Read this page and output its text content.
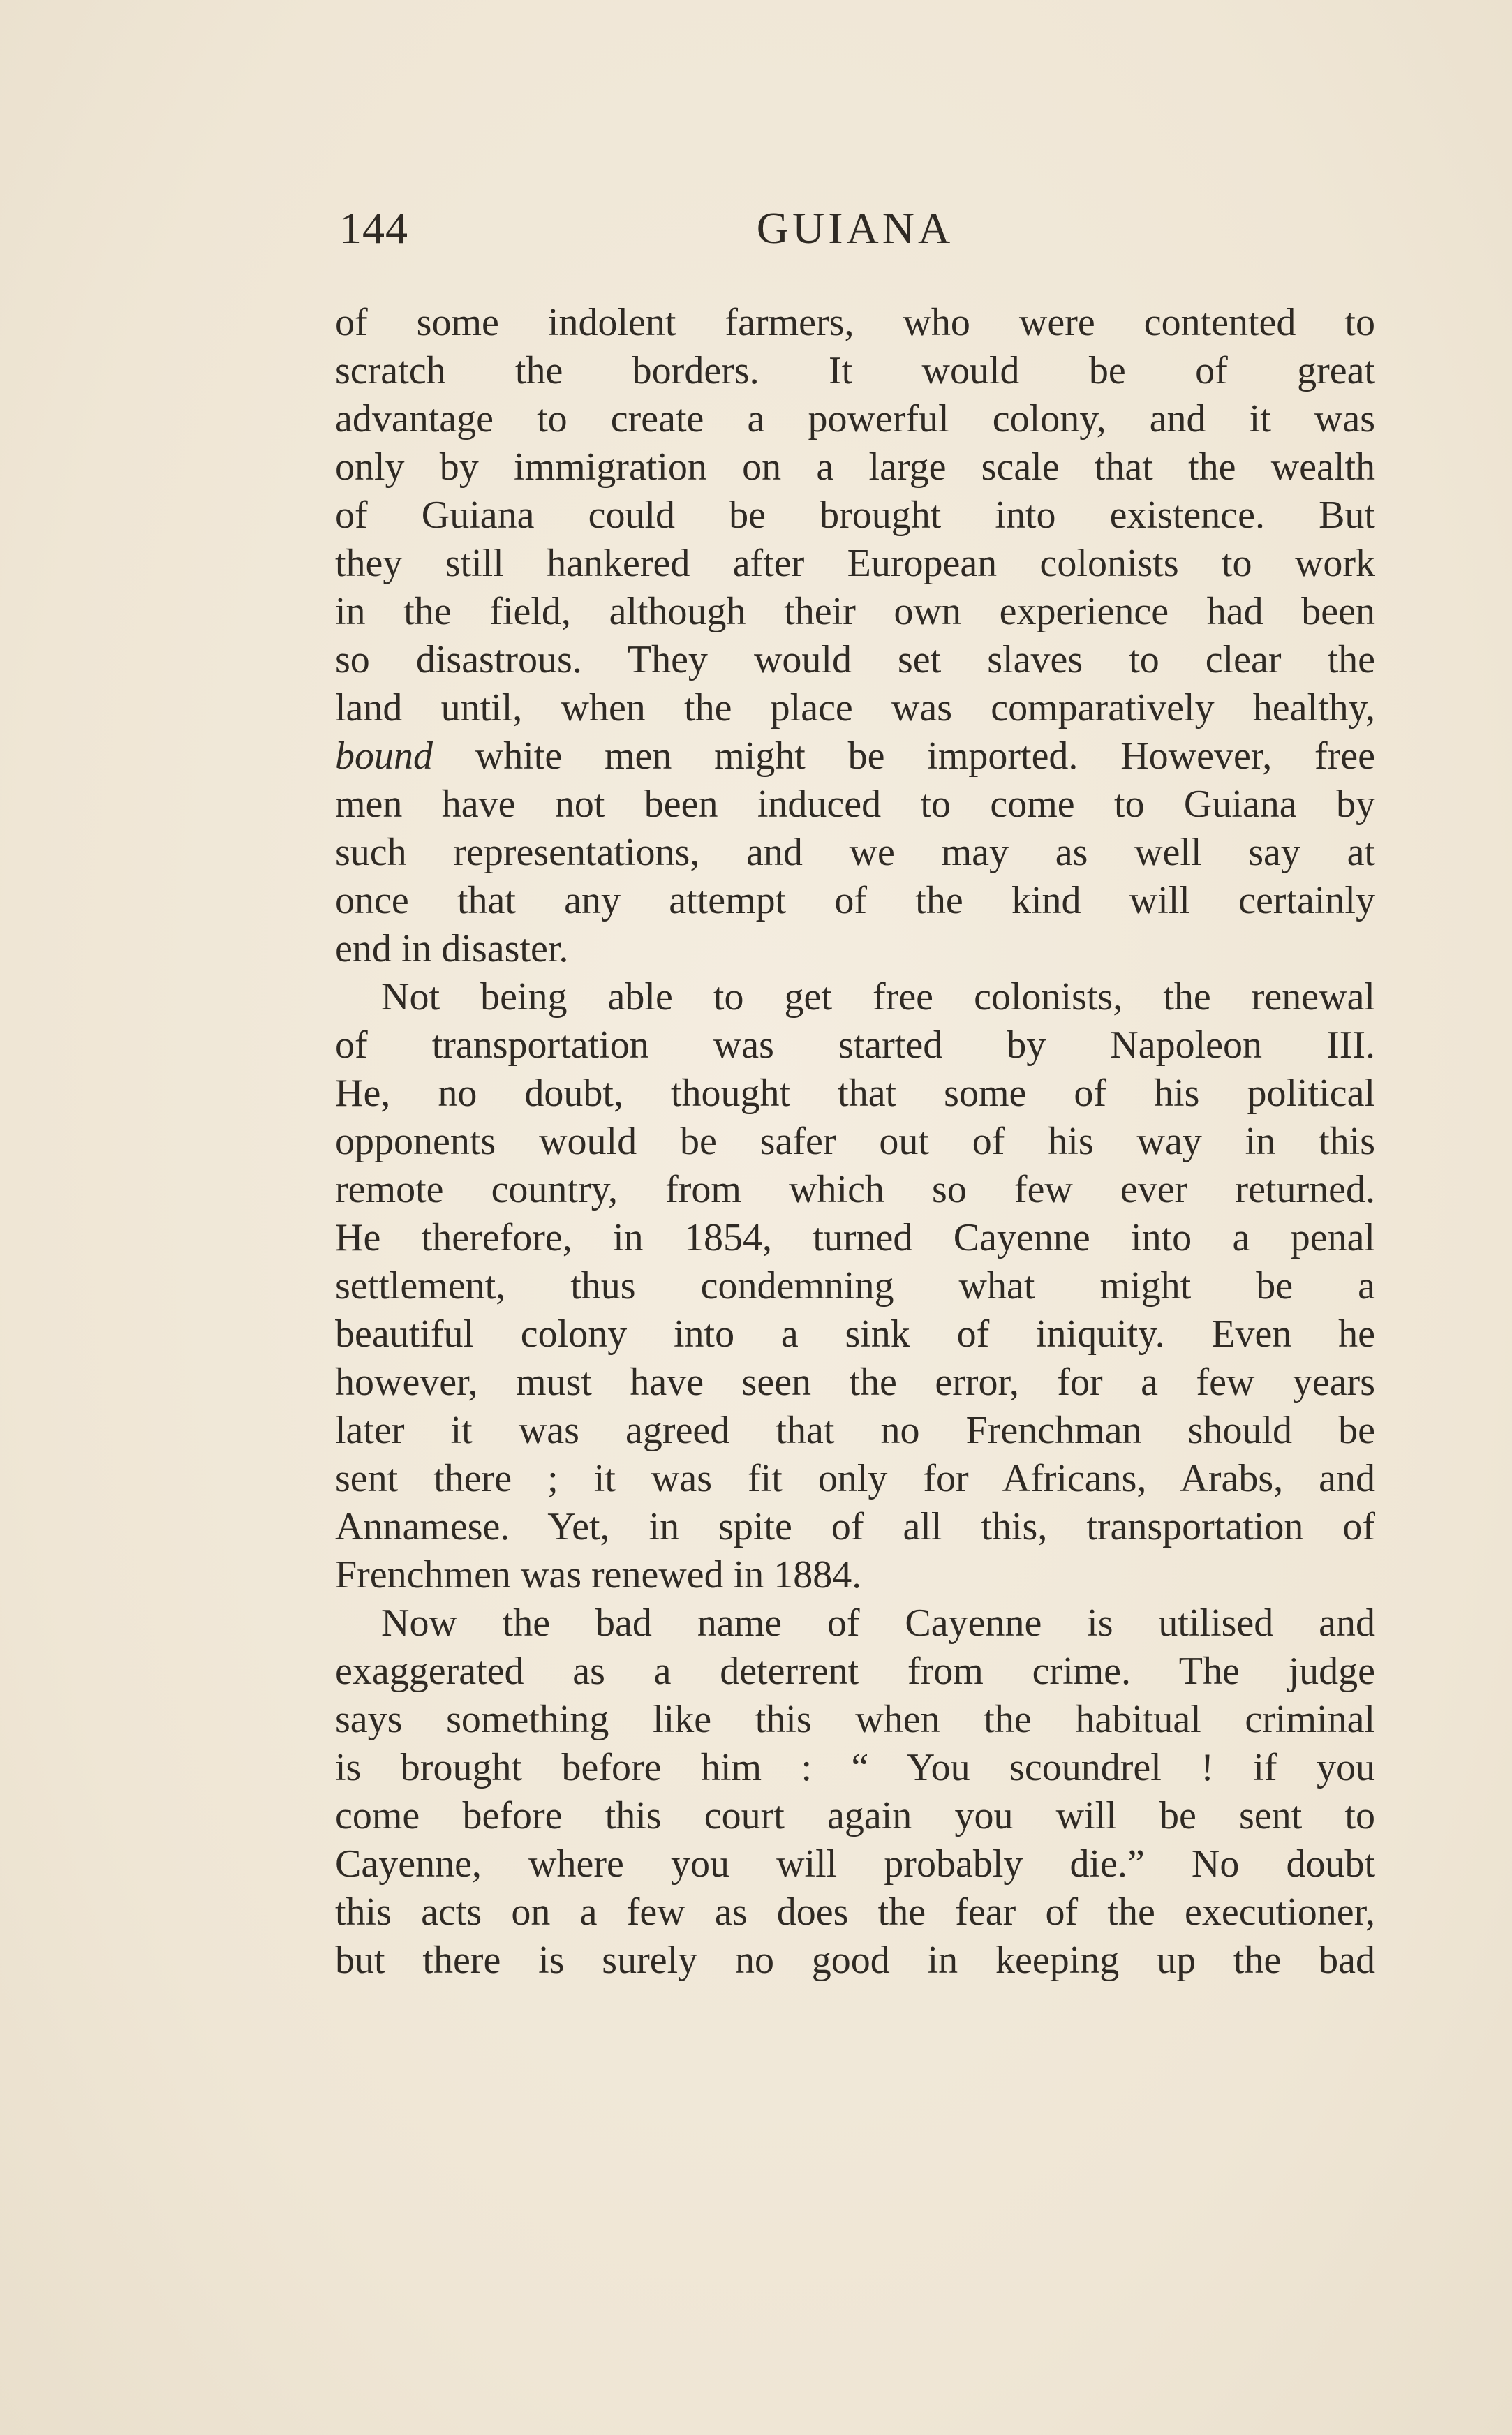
144	GUIANA
of some indolent farmers, who were contented to
scratch the borders. It would be of great
advantage to create a powerful colony, and it was
only by immigration on a large scale that the wealth
of Guiana could be brought into existence. But
they still hankered after European colonists to work
in the field, although their own experience had been
so disastrous. They would set slaves to clear the
land until, when the place was comparatively healthy,
bound white men might be imported. However, free
men have not been induced to come to Guiana by
such representations, and we may as well say at
once that any attempt of the kind will certainly
end in disaster.
Not being able to get free colonists, the renewal
of transportation was started by Napoleon III.
He, no doubt, thought that some of his political
opponents would be safer out of his way in this
remote country, from which so few ever returned.
He therefore, in 1854, turned Cayenne into a penal
settlement, thus condemning what might be a
beautiful colony into a sink of iniquity. Even he
however, must have seen the error, for a few years
later it was agreed that no Frenchman should be
sent there ; it was fit only for Africans, Arabs, and
Annamese. Yet, in spite of all this, transportation of
Frenchmen was renewed in 1884.
Now the bad name of Cayenne is utilised and
exaggerated as a deterrent from crime. The judge
says something like this when the habitual criminal
is brought before him : “ You scoundrel ! if you
come before this court again you will be sent to
Cayenne, where you will probably die.” No doubt
this acts on a few as does the fear of the executioner,
but there is surely no good in keeping up the bad
